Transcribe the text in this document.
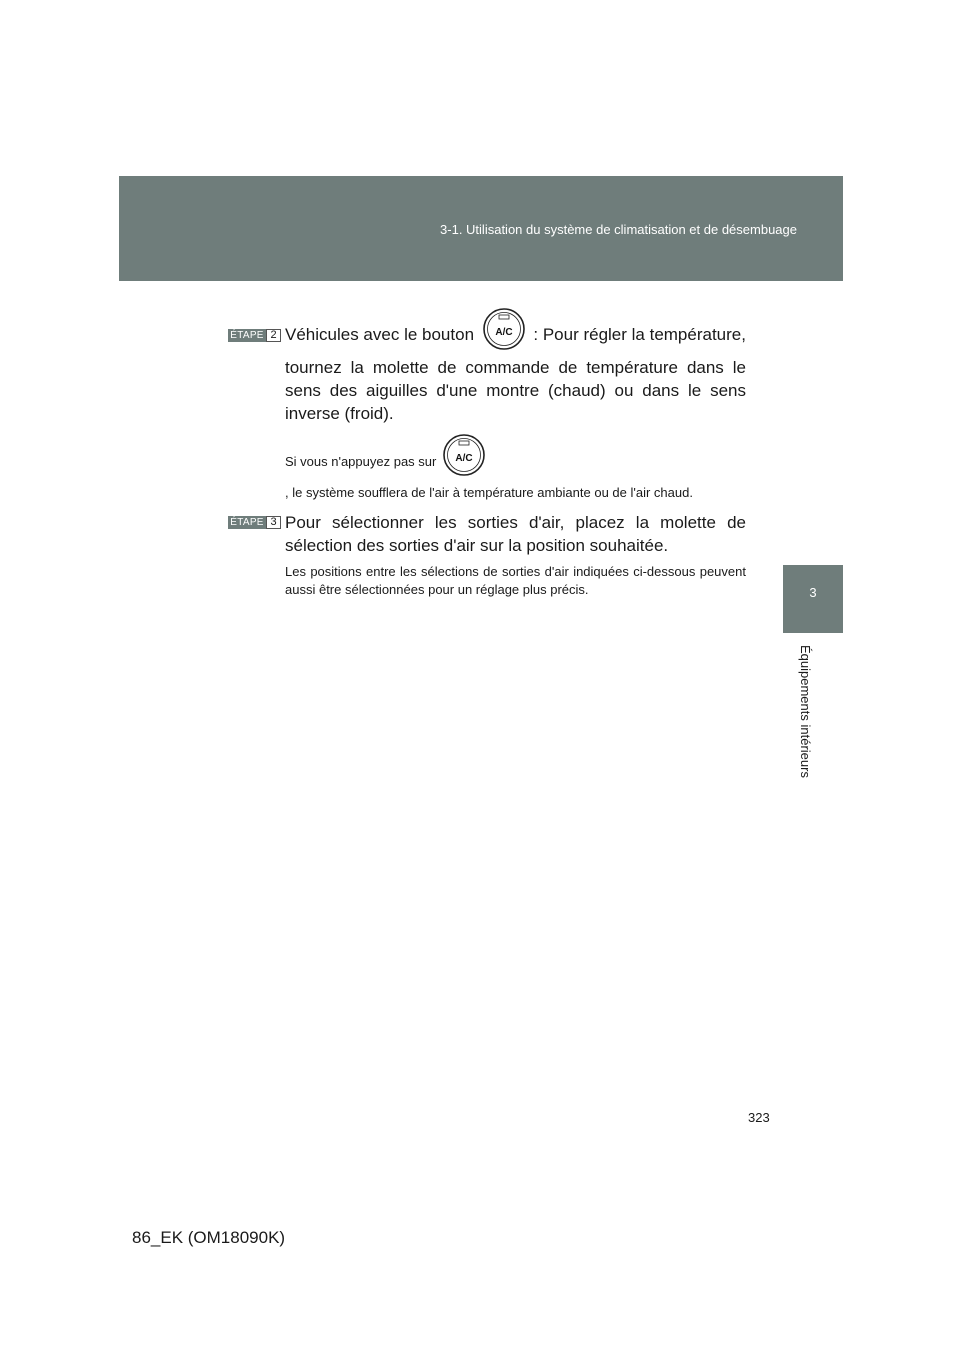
3-1. Utilisation du système de climatisation et de désembuage
3
Équipements intérieurs
ÉTAPE 2 Véhicules avec le bouton A/C : Pour régler la température,
tournez la molette de commande de température dans le sens des aiguilles d'une montre (chaud) ou dans le sens inverse (froid).
Si vous n'appuyez pas sur A/C
, le système soufflera de l'air à température ambiante ou de l'air chaud.
ÉTAPE 3 Pour sélectionner les sorties d'air, placez la molette de sélection des sorties d'air sur la position souhaitée.
Les positions entre les sélections de sorties d'air indiquées ci-dessous peuvent aussi être sélectionnées pour un réglage plus précis.
323
86_EK (OM18090K)
